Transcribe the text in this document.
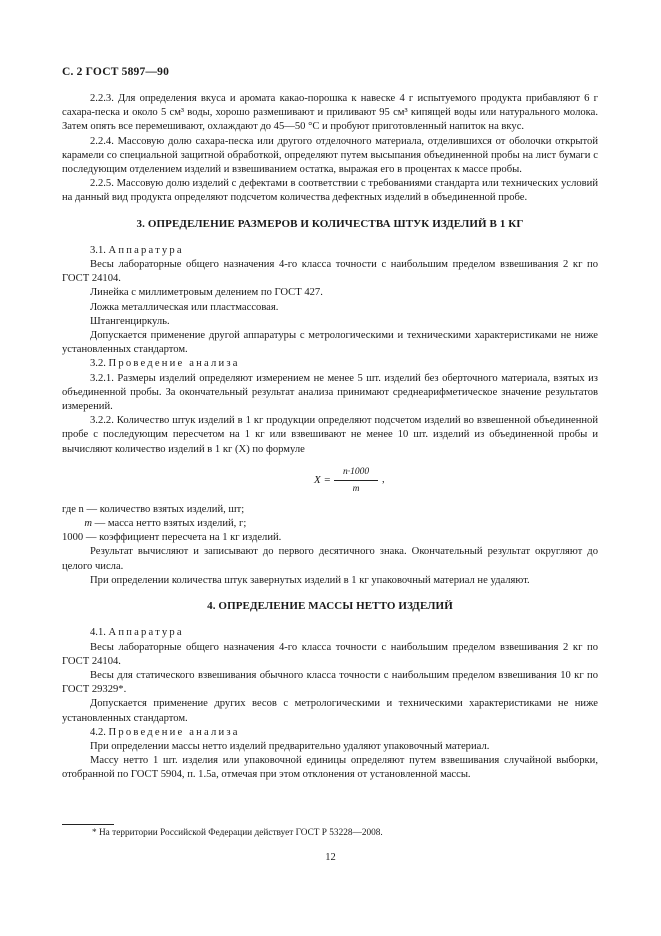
С. 2 ГОСТ 5897—90

2.2.3. Для определения вкуса и аромата какао-порошка к навеске 4 г испытуемого продукта прибавляют 6 г сахара-песка и около 5 см³ воды, хорошо размешивают и приливают 95 см³ кипящей воды или натурального молока. Затем опять все перемешивают, охлаждают до 45—50 °С и пробуют приготовленный напиток на вкус.

2.2.4. Массовую долю сахара-песка или другого отделочного материала, отделившихся от оболочки открытой карамели со специальной защитной обработкой, определяют путем высыпания объединенной пробы на лист бумаги с последующим отделением изделий и взвешиванием остатка, выражая его в процентах к массе пробы.

2.2.5. Массовую долю изделий с дефектами в соответствии с требованиями стандарта или технических условий на данный вид продукта определяют подсчетом количества дефектных изделий в объединенной пробе.

3. ОПРЕДЕЛЕНИЕ РАЗМЕРОВ И КОЛИЧЕСТВА ШТУК ИЗДЕЛИЙ В 1 КГ

3.1. Аппаратура

Весы лабораторные общего назначения 4-го класса точности с наибольшим пределом взвешивания 2 кг по ГОСТ 24104.

Линейка с миллиметровым делением по ГОСТ 427.

Ложка металлическая или пластмассовая.

Штангенциркуль.

Допускается применение другой аппаратуры с метрологическими и техническими характеристиками не ниже установленных стандартом.

3.2. Проведение анализа

3.2.1. Размеры изделий определяют измерением не менее 5 шт. изделий без оберточного материала, взятых из объединенной пробы. За окончательный результат анализа принимают среднеарифметическое значение результатов измерений.

3.2.2. Количество штук изделий в 1 кг продукции определяют подсчетом изделий во взвешенной объединенной пробе с последующим пересчетом на 1 кг или взвешивают не менее 10 шт. изделий из объединенной пробы и вычисляют количество изделий в 1 кг (X) по формуле

$X = \frac{n\cdot 1000}{m}$ ,
где n — количество взятых изделий, шт;
m — масса нетто взятых изделий, г;
1000 — коэффициент пересчета на 1 кг изделий.

Результат вычисляют и записывают до первого десятичного знака. Окончательный результат округляют до целого числа.

При определении количества штук завернутых изделий в 1 кг упаковочный материал не удаляют.

4. ОПРЕДЕЛЕНИЕ МАССЫ НЕТТО ИЗДЕЛИЙ

4.1. Аппаратура

Весы лабораторные общего назначения 4-го класса точности с наибольшим пределом взвешивания 2 кг по ГОСТ 24104.

Весы для статического взвешивания обычного класса точности с наибольшим пределом взвешивания 10 кг по ГОСТ 29329*.

Допускается применение других весов с метрологическими и техническими характеристиками не ниже установленных стандартом.

4.2. Проведение анализа

При определении массы нетто изделий предварительно удаляют упаковочный материал.

Массу нетто 1 шт. изделия или упаковочной единицы определяют путем взвешивания случайной выборки, отобранной по ГОСТ 5904, п. 1.5а, отмечая при этом отклонения от установленной массы.

* На территории Российской Федерации действует ГОСТ Р 53228—2008.
12
